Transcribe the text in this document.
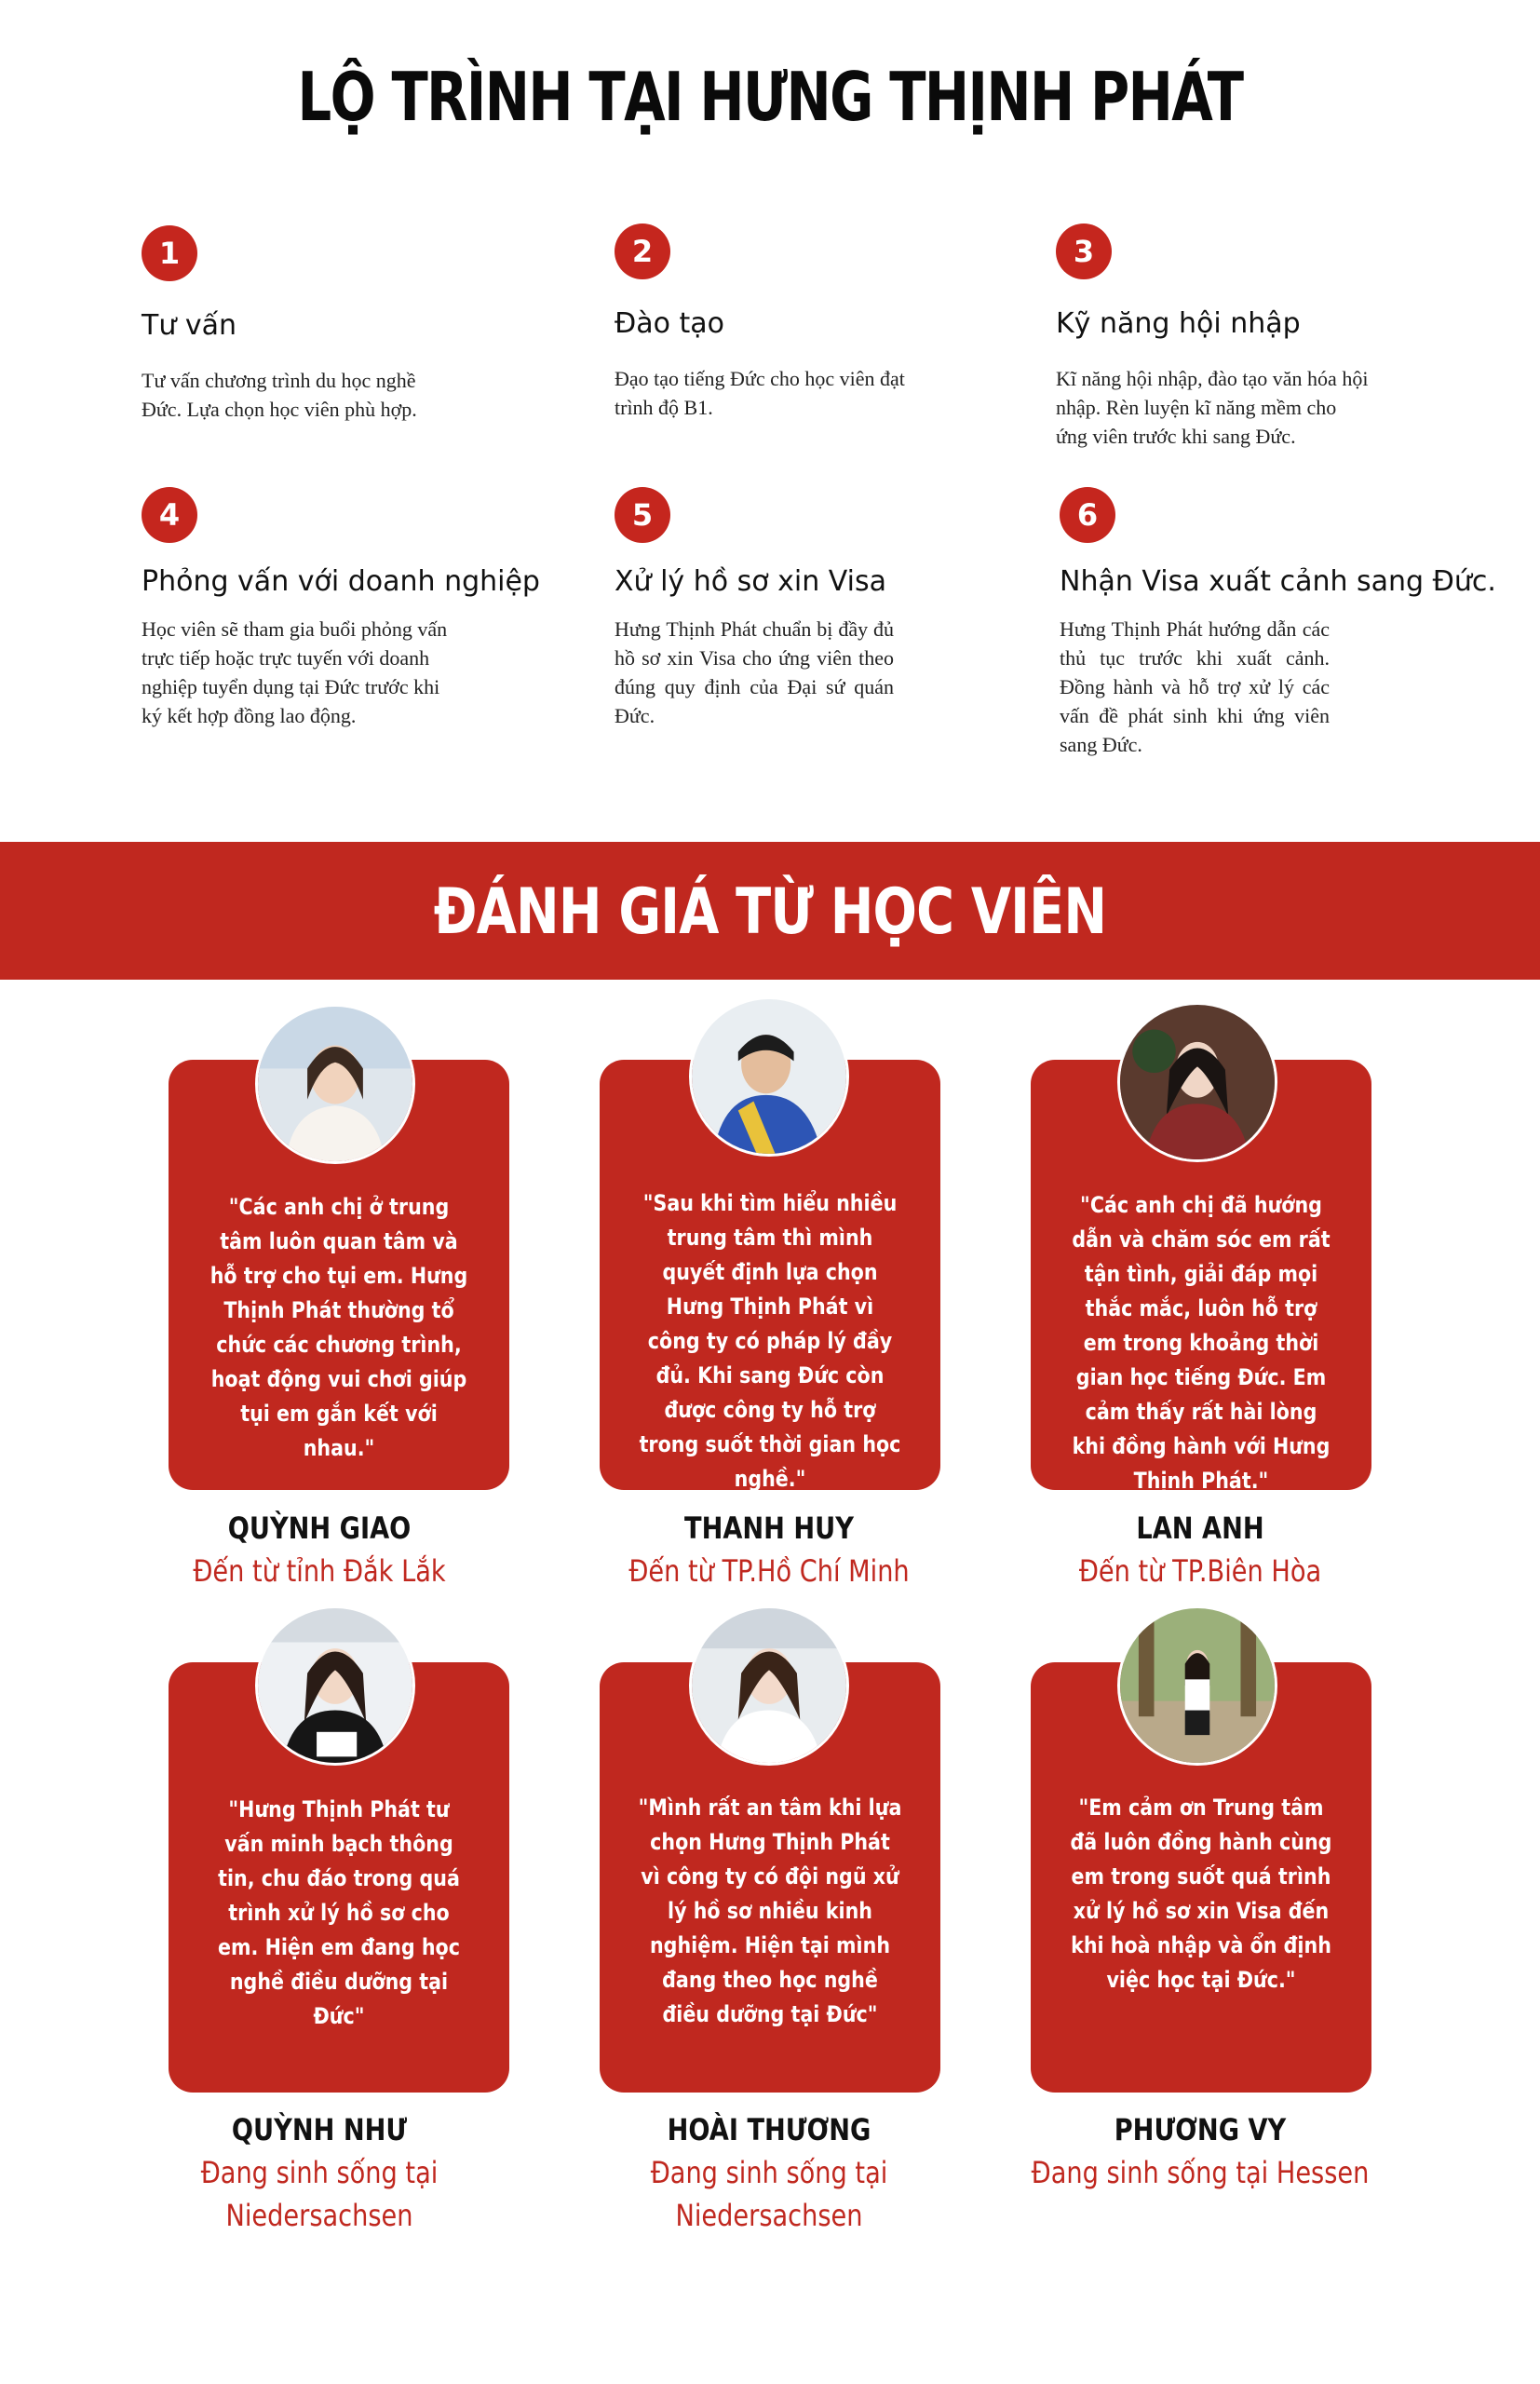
LỘ TRÌNH TẠI HƯNG THỊNH PHÁT
1
Tư vấn
Tư vấn chương trình du học nghề Đức. Lựa chọn học viên phù hợp.
2
Đào tạo
Đạo tạo tiếng Đức cho học viên đạt trình độ B1.
3
Kỹ năng hội nhập
Kĩ năng hội nhập, đào tạo văn hóa hội nhập. Rèn luyện kĩ năng mềm cho ứng viên trước khi sang Đức.
4
Phỏng vấn với doanh nghiệp
Học viên sẽ tham gia buổi phỏng vấn trực tiếp hoặc trực tuyến với doanh nghiệp tuyển dụng tại Đức trước khi ký kết hợp đồng lao động.
5
Xử lý hồ sơ xin Visa
Hưng Thịnh Phát chuẩn bị đầy đủ hồ sơ xin Visa cho ứng viên theo đúng quy định của Đại sứ quán Đức.
6
Nhận Visa xuất cảnh sang Đức.
Hưng Thịnh Phát hướng dẫn các thủ tục trước khi xuất cảnh. Đồng hành và hỗ trợ xử lý các vấn đề phát sinh khi ứng viên sang Đức.
ĐÁNH GIÁ TỪ HỌC VIÊN
"Các anh chị ở trung tâm luôn quan tâm và hỗ trợ cho tụi em. Hưng Thịnh Phát thường tổ chức các chương trình, hoạt động vui chơi giúp tụi em gắn kết với nhau."
"Sau khi tìm hiểu nhiều trung tâm thì mình quyết định lựa chọn Hưng Thịnh Phát vì công ty có pháp lý đầy đủ. Khi sang Đức còn được công ty hỗ trợ trong suốt thời gian học nghề."
"Các anh chị đã hướng dẫn và chăm sóc em rất tận tình, giải đáp mọi thắc mắc, luôn hỗ trợ em trong khoảng thời gian học tiếng Đức. Em cảm thấy rất hài lòng khi đồng hành với Hưng Thịnh Phát."
"Hưng Thịnh Phát tư vấn minh bạch thông tin, chu đáo trong quá trình xử lý hồ sơ cho em. Hiện em đang học nghề điều dưỡng tại Đức"
"Mình rất an tâm khi lựa chọn Hưng Thịnh Phát vì công ty có đội ngũ xử lý hồ sơ nhiều kinh nghiệm. Hiện tại mình đang theo học nghề điều dưỡng tại Đức"
"Em cảm ơn Trung tâm đã luôn đồng hành cùng em trong suốt quá trình xử lý hồ sơ xin Visa đến khi hoà nhập và ổn định việc học tại Đức."
QUỲNH GIAO
Đến từ tỉnh Đắk Lắk
THANH HUY
Đến từ TP.Hồ Chí Minh
LAN ANH
Đến từ TP.Biên Hòa
QUỲNH NHƯ
Đang sinh sống tại Niedersachsen
HOÀI THƯƠNG
Đang sinh sống tại Niedersachsen
PHƯƠNG VY
Đang sinh sống tại Hessen
